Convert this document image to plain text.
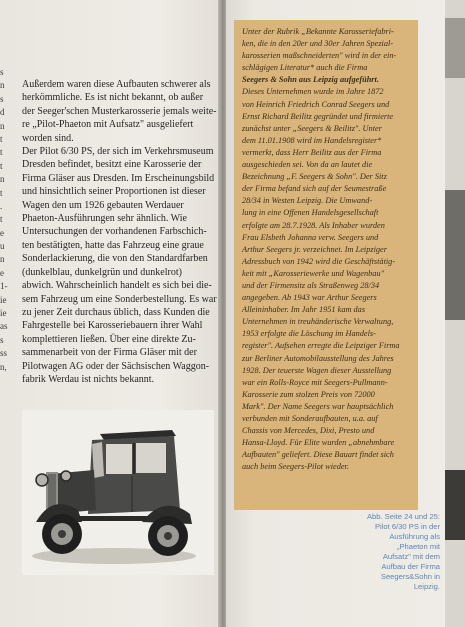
s
n
s
d
n
t
t
t
n
t
.
t
e
u
n
e
1-
ie
ie
as
s
ss
n,

Außerdem waren diese Aufbauten schwerer als
herkömmliche. Es ist nicht bekannt, ob außer
der Seeger'schen Musterkarosserie jemals weite-
re „Pilot-Phaeton mit Aufsatz" ausgeliefert
worden sind.

Der Pilot 6/30 PS, der sich im Verkehrsmuseum
Dresden befindet, besitzt eine Karosserie der
Firma Gläser aus Dresden. Im Erscheinungsbild
und hinsichtlich seiner Proportionen ist dieser
Wagen den um 1926 gebauten Werdauer
Phaeton-Ausführungen sehr ähnlich. Wie
Untersuchungen der vorhandenen Farbschich-
ten bestätigten, hatte das Fahrzeug eine graue
Sonderlackierung, die von den Standardfarben
(dunkelblau, dunkelgrün und dunkelrot)
abwich. Wahrscheinlich handelt es sich bei die-
sem Fahrzeug um eine Sonderbestellung. Es war
zu jener Zeit durchaus üblich, dass Kunden die
Fahrgestelle bei Karosseriebauern ihrer Wahl
komplettieren ließen. Über eine direkte Zu-
sammenarbeit von der Firma Gläser mit der
Pilotwagen AG oder der Sächsischen Waggon-
fabrik Werdau ist nichts bekannt.

Unter der Rubrik „Bekannte Karosseriefabri-
ken, die in den 20er und 30er Jahren Spezial-
karosserien maßschneiderten" wird in der ein-
schlägigen Literatur* auch die Firma
Seegers & Sohn aus Leipzig aufgeführt.
Dieses Unternehmen wurde im Jahre 1872
von Heinrich Friedrich Conrad Seegers und
Ernst Richard Beilitz gegründet und firmierte
zunächst unter „Seegers & Beilitz". Unter
dem 11.01.1908 wird im Handelsregister*
vermerkt, dass Herr Beilitz aus der Firma
ausgeschieden sei. Von da an lautet die
Bezeichnung „F. Seegers & Sohn". Der Sitz
der Firma befand sich auf der Seumestraße
28/34 in Westen Leipzig. Die Umwand-
lung in eine Offenen Handelsgesellschaft
erfolgte am 28.7.1928. Als Inhaber wurden
Frau Elsbeth Johanna verw. Seegers und
Arthur Seegers jr. verzeichnet. Im Leipziger
Adressbuch von 1942 wird die Geschäftstätig-
keit mit „Karosseriewerke und Wagenbau"
und der Firmensitz als Straßenweg 28/34
angegeben. Ab 1943 war Arthur Seegers
Alleininhaber. Im Jahr 1951 kam das
Unternehmen in treuhänderische Verwaltung,
1953 erfolgte die Löschung im Handels-
register". Aufsehen erregte die Leipziger Firma
zur Berliner Automobilausstellung des Jahres
1928. Der teuerste Wagen dieser Ausstellung
war ein Rolls-Royce mit Seegers-Pullmann-
Karosserie zum stolzen Preis von 72000
Mark". Der Name Seegers war hauptsächlich
verbunden mit Sonderaufbauten, u.a. auf
Chassis von Mercedes, Dixi, Presto und
Hansa-Lloyd. Für Elite wurden „abnehmbare
Aufbauten" geliefert. Diese Bauart findet sich
auch beim Seegers-Pilot wieder.
Abb. Seite 24 und 25:
Pilot 6/30 PS in der
Ausführung als
„Phaeton mit
Aufsatz" mit dem
Aufbau der Firma
Seegers&Sohn in
Leipzig.
